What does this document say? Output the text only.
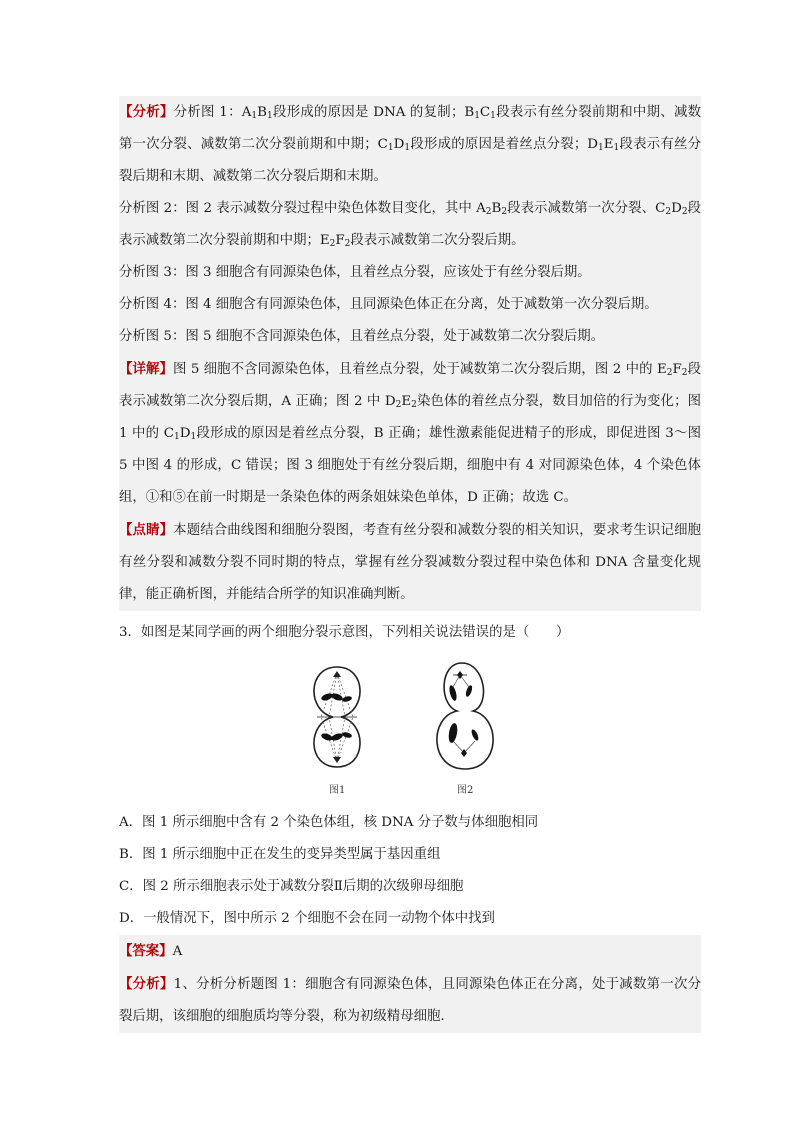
【分析】分析图 1：$A_1B_1$段形成的原因是 DNA 的复制；$B_1C_1$段表示有丝分裂前期和中期、减数第一次分裂、减数第二次分裂前期和中期；$C_1D_1$段形成的原因是着丝点分裂；$D_1E_1$段表示有丝分裂后期和末期、减数第二次分裂后期和末期。

分析图 2：图 2 表示减数分裂过程中染色体数目变化，其中 $A_2B_2$段表示减数第一次分裂、$C_2D_2$段表示减数第二次分裂前期和中期；$E_2F_2$段表示减数第二次分裂后期。

分析图 3：图 3 细胞含有同源染色体，且着丝点分裂，应该处于有丝分裂后期。

分析图 4：图 4 细胞含有同源染色体，且同源染色体正在分离，处于减数第一次分裂后期。

分析图 5：图 5 细胞不含同源染色体，且着丝点分裂，处于减数第二次分裂后期。

【详解】图 5 细胞不含同源染色体，且着丝点分裂，处于减数第二次分裂后期，图 2 中的 $E_2F_2$段表示减数第二次分裂后期，A 正确；图 2 中 $D_2E_2$染色体的着丝点分裂，数目加倍的行为变化；图 1 中的 $C_1D_1$段形成的原因是着丝点分裂，B 正确；雄性激素能促进精子的形成，即促进图 3～图 5 中图 4 的形成，C 错误；图 3 细胞处于有丝分裂后期，细胞中有 4 对同源染色体，4 个染色体组，①和⑤在前一时期是一条染色体的两条姐妹染色单体，D 正确；故选 C。

【点睛】本题结合曲线图和细胞分裂图，考查有丝分裂和减数分裂的相关知识，要求考生识记细胞有丝分裂和减数分裂不同时期的特点，掌握有丝分裂减数分裂过程中染色体和 DNA 含量变化规律，能正确析图，并能结合所学的知识准确判断。

3．如图是某同学画的两个细胞分裂示意图，下列相关说法错误的是（　　）

图1	图2

A．图 1 所示细胞中含有 2 个染色体组，核 DNA 分子数与体细胞相同

B．图 1 所示细胞中正在发生的变异类型属于基因重组

C．图 2 所示细胞表示处于减数分裂Ⅱ后期的次级卵母细胞

D．一般情况下，图中所示 2 个细胞不会在同一动物个体中找到

【答案】A

【分析】1、分析分析题图 1：细胞含有同源染色体，且同源染色体正在分离，处于减数第一次分裂后期，该细胞的细胞质均等分裂，称为初级精母细胞.
